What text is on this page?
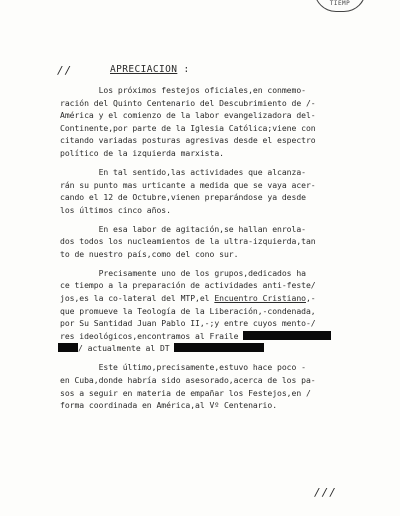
TIEMP
//	APRECIACION :
Los próximos festejos oficiales,en conmemo-
ración del Quinto Centenario del Descubrimiento de /-
América y el comienzo de la labor evangelizadora del-
Continente,por parte de la Iglesia Católica;viene con
citando variadas posturas agresivas desde el espectro
político de la izquierda marxista.
En tal sentido,las actividades que alcanza-
rán su punto mas urticante a medida que se vaya acer-
cando el 12 de Octubre,vienen preparándose ya desde
los últimos cinco años.
En esa labor de agitación,se hallan enrola-
dos todos los nucleamientos de la ultra-izquierda,tan
to de nuestro país,como del cono sur.
Precisamente uno de los grupos,dedicados ha
ce tiempo a la preparación de actividades anti-feste/
jos,es la co-lateral del MTP,el Encuentro Cristiano,-
que promueve la Teología de la Liberación,-condenada,
por Su Santidad Juan Pablo II,-;y entre cuyos mento-/
res ideológicos,encontramos al Fraile
/ actualmente al DT
Este último,precisamente,estuvo hace poco -
en Cuba,donde habría sido asesorado,acerca de los pa-
sos a seguir en materia de empañar los Festejos,en /
forma coordinada en América,al Vº Centenario.
///
